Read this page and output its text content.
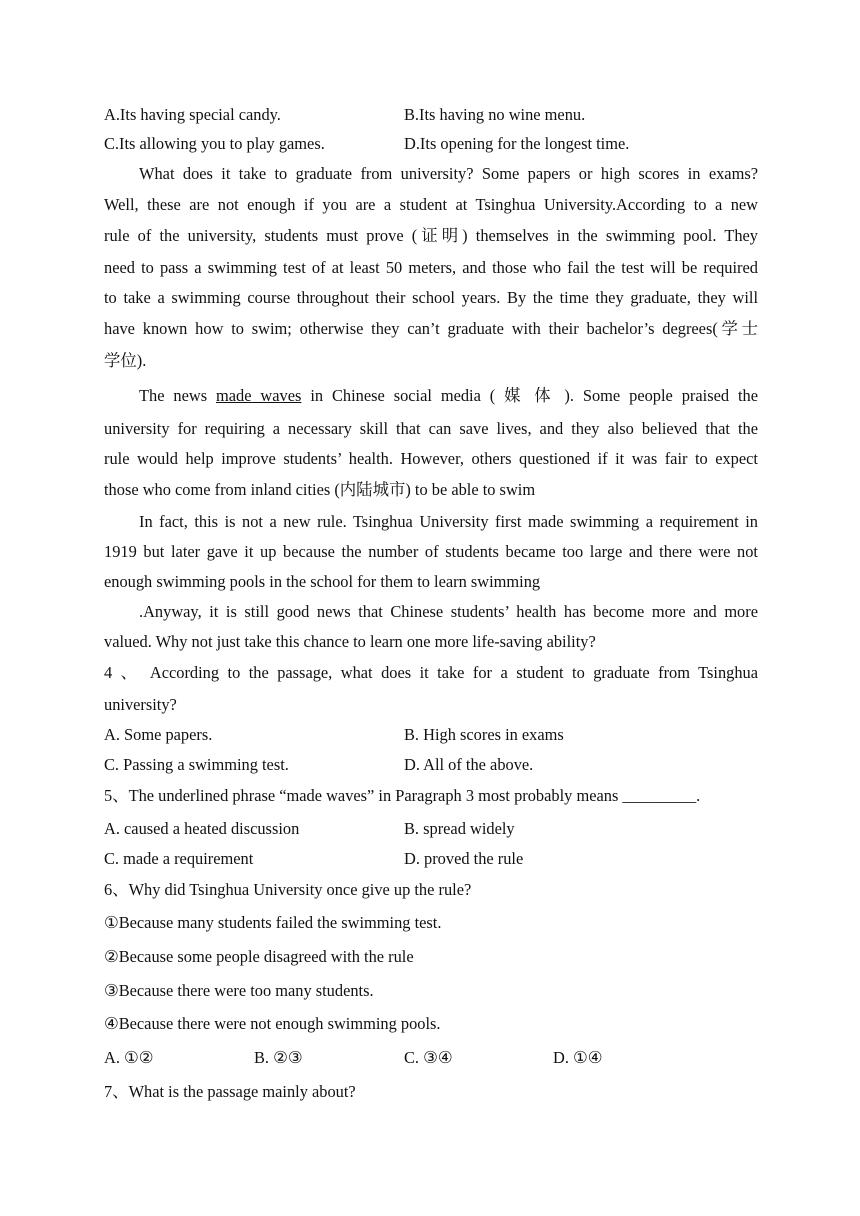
A.Its having special candy.	B.Its having no wine menu.
C.Its allowing you to play games.	D.Its opening for the longest time.
What does it take to graduate from university? Some papers or high scores in exams?
Well, these are not enough if you are a student at Tsinghua University.According to a new
rule of the university, students must prove (证明) themselves in the swimming pool. They
need to pass a swimming test of at least 50 meters, and those who fail the test will be required
to take a swimming course throughout their school years. By the time they graduate, they will
have known how to swim; otherwise they can’t graduate with their bachelor’s degrees(学士
学位).
The news made waves in Chinese social media ( 媒 体 ). Some people praised the
university for requiring a necessary skill that can save lives, and they also believed that the
rule would help improve students’ health. However, others questioned if it was fair to expect
those who come from inland cities (内陆城市) to be able to swim
In fact, this is not a new rule. Tsinghua University first made swimming a requirement in
1919 but later gave it up because the number of students became too large and there were not
enough swimming pools in the school for them to learn swimming
.Anyway, it is still good news that Chinese students’ health has become more and more
valued. Why not just take this chance to learn one more life-saving ability?
4 、 According to the passage, what does it take for a student to graduate from Tsinghua
university?
A. Some papers.	B. High scores in exams
C. Passing a swimming test.	D. All of the above.
5、The underlined phrase “made waves” in Paragraph 3 most probably means _________.
A. caused a heated discussion	B. spread widely
C. made a requirement	D. proved the rule
6、Why did Tsinghua University once give up the rule?
①Because many students failed the swimming test.
②Because some people disagreed with the rule
③Because there were too many students.
④Because there were not enough swimming pools.
A. ①②	B. ②③	C. ③④	D. ①④
7、What is the passage mainly about?
